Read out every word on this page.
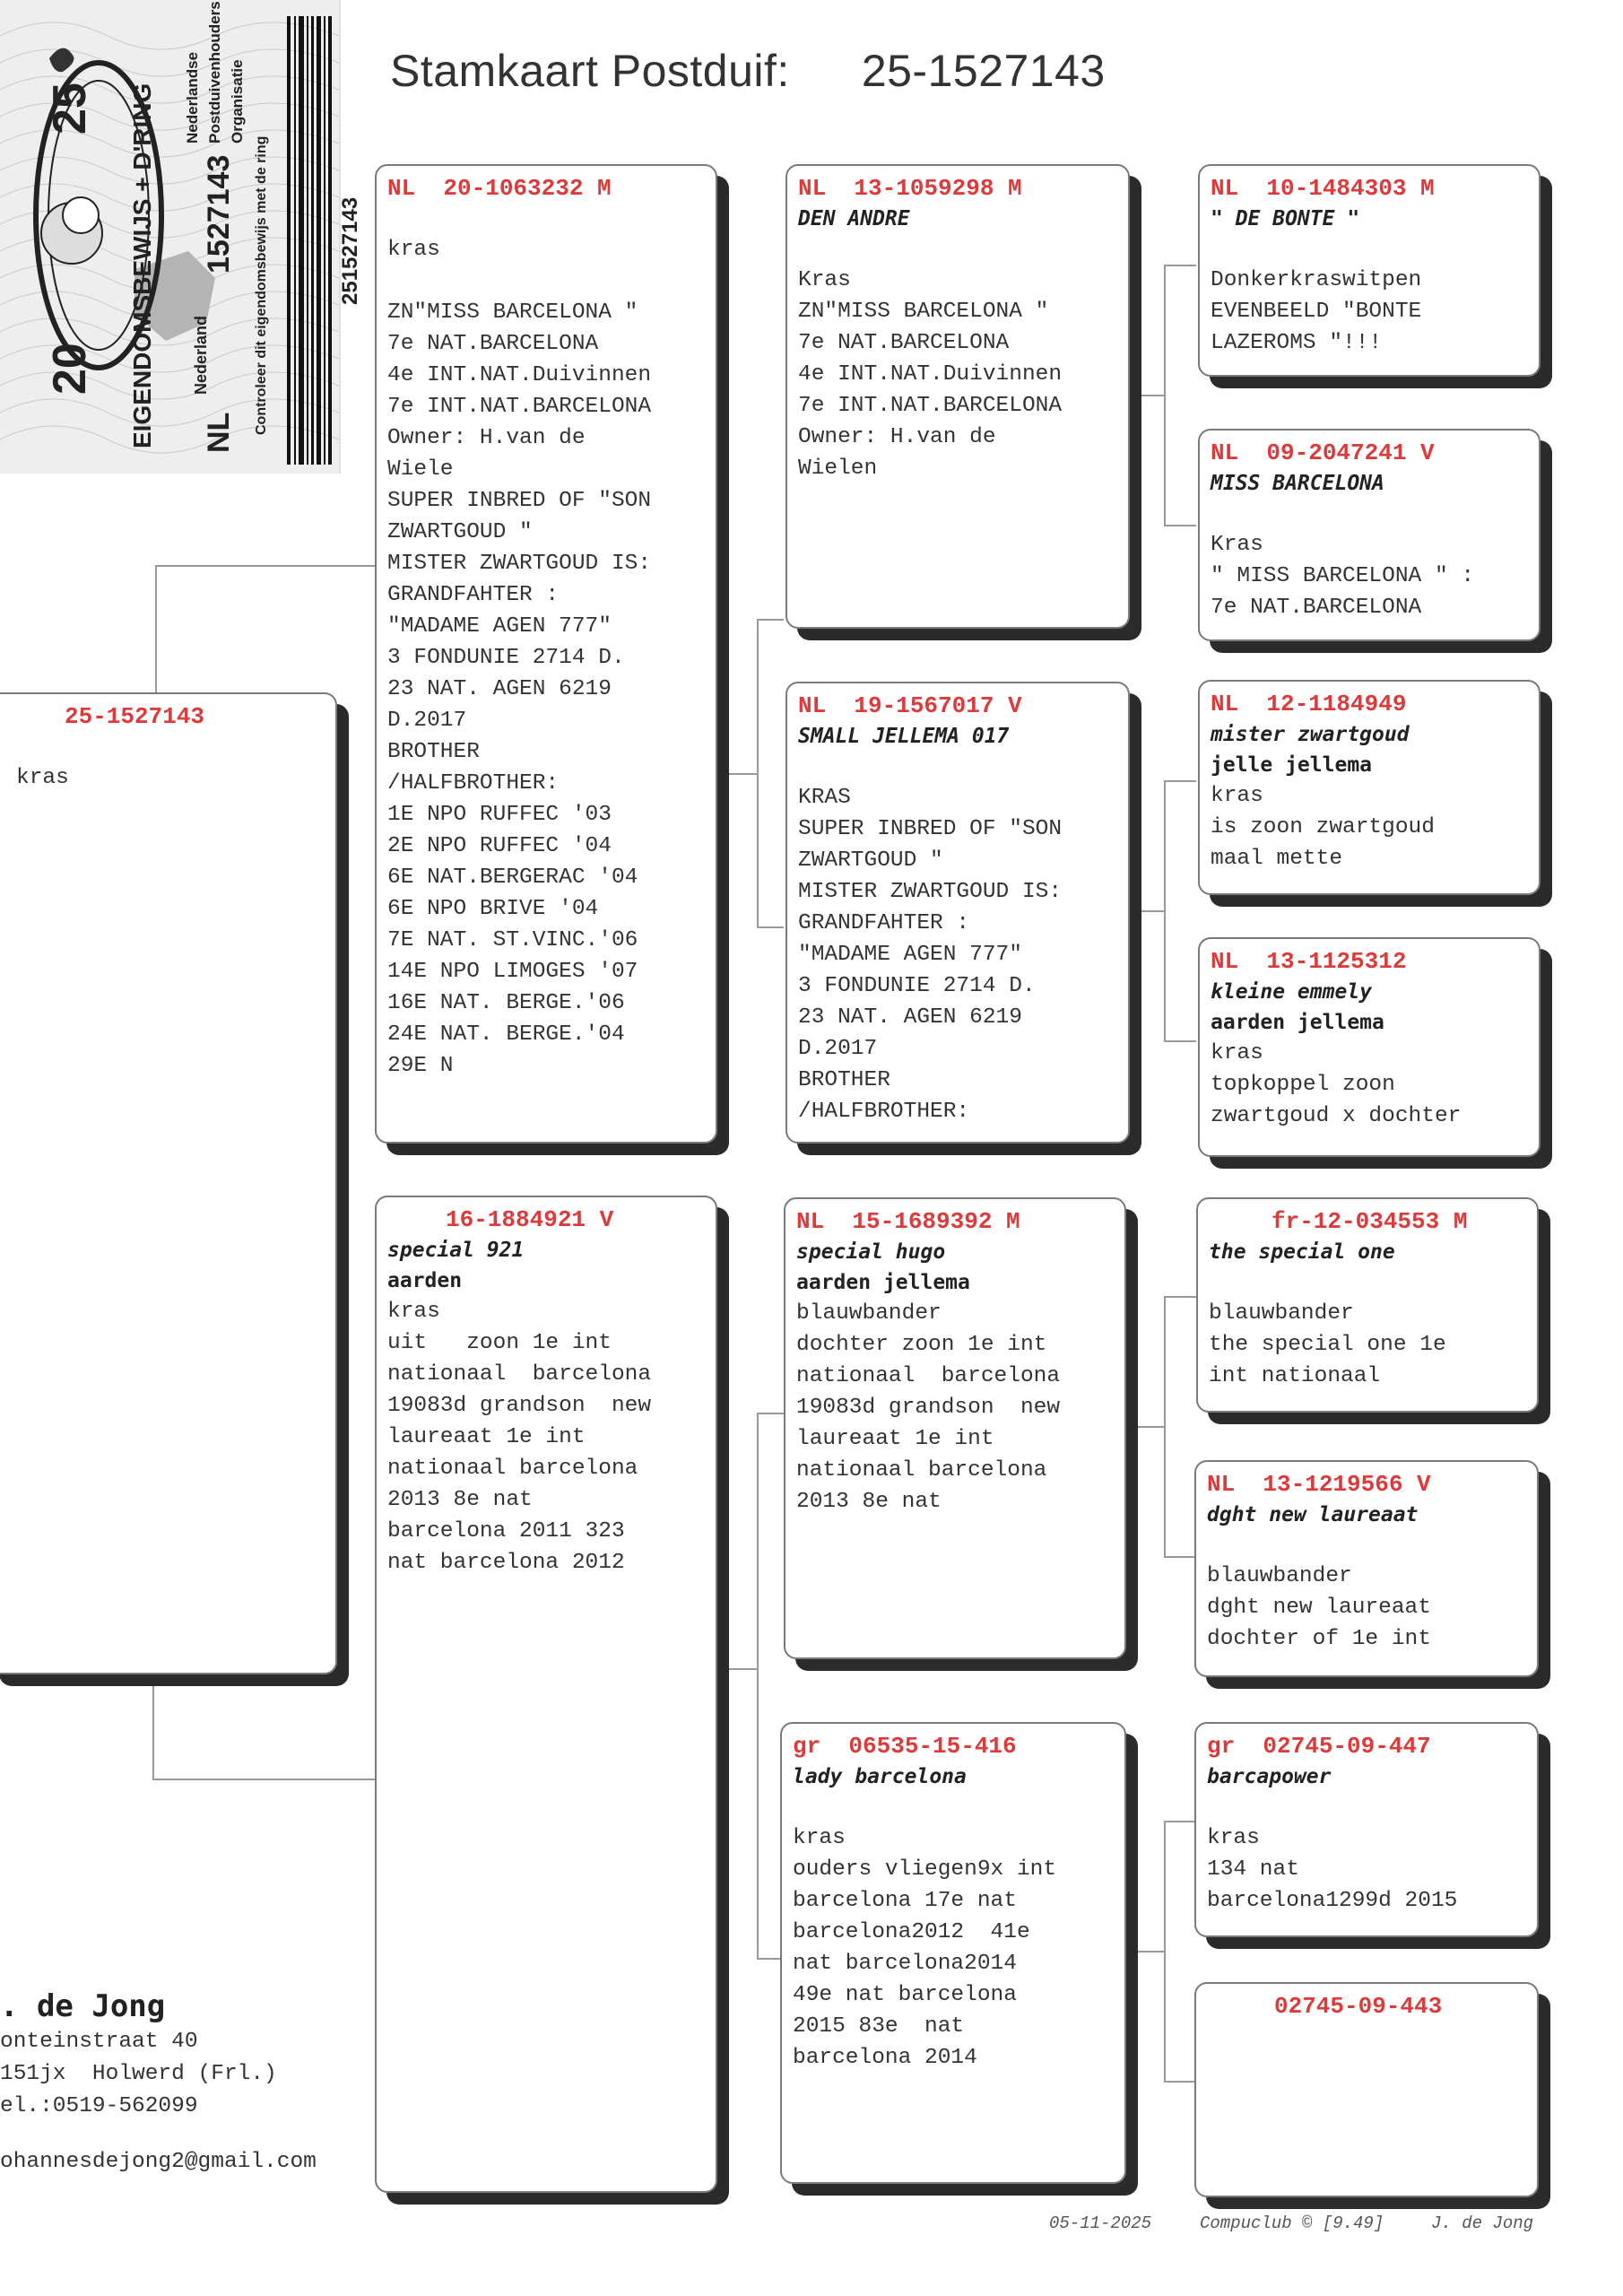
Stamkaart Postduif: 25-1527143
25
20 EIGENDOMSBEWIJS + D'RING NL
1527143
Nederland	Controleer dit eigendomsbewijs met de ring	251527143
Nederlandse Postduivenhouders Organisatie
25-1527143
kras
NL  20-1063232 M
kras

ZN"MISS BARCELONA "
7e NAT.BARCELONA
4e INT.NAT.Duivinnen
7e INT.NAT.BARCELONA
Owner: H.van de
Wiele
SUPER INBRED OF "SON
ZWARTGOUD "
MISTER ZWARTGOUD IS:
GRANDFAHTER :
"MADAME AGEN 777"
3 FONDUNIE 2714 D.
23 NAT. AGEN 6219
D.2017
BROTHER
/HALFBROTHER:
1E NPO RUFFEC '03
2E NPO RUFFEC '04
6E NAT.BERGERAC '04
6E NPO BRIVE '04
7E NAT. ST.VINC.'06
14E NPO LIMOGES '07
16E NAT. BERGE.'06
24E NAT. BERGE.'04
29E N
16-1884921 V
special 921
aarden
kras
uit   zoon 1e int
nationaal  barcelona
19083d grandson  new
laureaat 1e int
nationaal barcelona
2013 8e nat
barcelona 2011 323
nat barcelona 2012
NL  13-1059298 M
DEN ANDRE
Kras
ZN"MISS BARCELONA "
7e NAT.BARCELONA
4e INT.NAT.Duivinnen
7e INT.NAT.BARCELONA
Owner: H.van de
Wielen
NL  19-1567017 V
SMALL JELLEMA 017
KRAS
SUPER INBRED OF "SON
ZWARTGOUD "
MISTER ZWARTGOUD IS:
GRANDFAHTER :
"MADAME AGEN 777"
3 FONDUNIE 2714 D.
23 NAT. AGEN 6219
D.2017
BROTHER
/HALFBROTHER:
NL  15-1689392 M
special hugo
aarden jellema
blauwbander
dochter zoon 1e int
nationaal  barcelona
19083d grandson  new
laureaat 1e int
nationaal barcelona
2013 8e nat
gr  06535-15-416
lady barcelona
kras
ouders vliegen9x int
barcelona 17e nat
barcelona2012  41e
nat barcelona2014
49e nat barcelona
2015 83e  nat
barcelona 2014
NL  10-1484303 M
" DE BONTE "
Donkerkraswitpen
EVENBEELD "BONTE
LAZEROMS "!!!
NL  09-2047241 V
MISS BARCELONA
Kras
" MISS BARCELONA " :
7e NAT.BARCELONA
NL  12-1184949
mister zwartgoud
jelle jellema
kras
is zoon zwartgoud
maal mette
NL  13-1125312
kleine emmely
aarden jellema
kras
topkoppel zoon
zwartgoud x dochter
fr-12-034553 M
the special one
blauwbander
the special one 1e
int nationaal
NL  13-1219566 V
dght new laureaat
blauwbander
dght new laureaat
dochter of 1e int
gr  02745-09-447
barcapower
kras
134 nat
barcelona1299d 2015
02745-09-443
. de Jong
onteinstraat 40
151jx  Holwerd (Frl.)
el.:0519-562099
ohannesdejong2@gmail.com
05-11-2025	Compuclub © [9.49]	J. de Jong
